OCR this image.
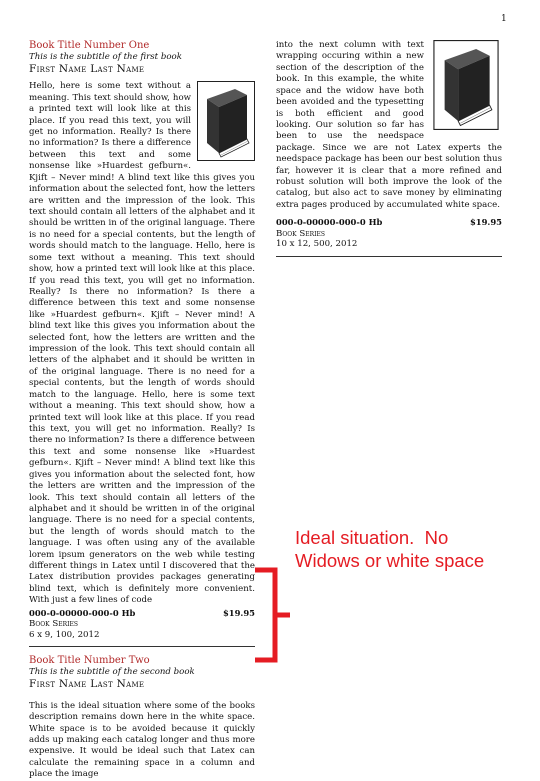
1

Book Title Number One

This is the subtitle of the first book

First Name Last Name

Hello, here is some text without a meaning. This text should show, how a printed text will look like at this place. If you read this text, you will get no information. Really? Is there no information? Is there a difference between this text and some nonsense like »Huardest gefburn«. Kjift – Never mind! A blind text like this gives you information about the selected font, how the letters are written and the impression of the look. This text should contain all letters of the alphabet and it should be written in of the original language. There is no need for a special contents, but the length of words should match to the language. Hello, here is some text without a meaning. This text should show, how a printed text will look like at this place. If you read this text, you will get no information. Really? Is there no information? Is there a difference between this text and some nonsense like »Huardest gefburn«. Kjift – Never mind! A blind text like this gives you information about the selected font, how the letters are written and the impression of the look. This text should contain all letters of the alphabet and it should be written in of the original language. There is no need for a special contents, but the length of words should match to the language. Hello, here is some text without a meaning. This text should show, how a printed text will look like at this place. If you read this text, you will get no information. Really? Is there no information? Is there a difference between this text and some nonsense like »Huardest gefburn«. Kjift – Never mind! A blind text like this gives you information about the selected font, how the letters are written and the impression of the look. This text should contain all letters of the alphabet and it should be written in of the original language. There is no need for a special contents, but the length of words should match to the language. I was often using any of the available lorem ipsum generators on the web while testing different things in Latex until I discovered that the Latex distribution provides packages generating blind text, which is definitely more convenient. With just a few lines of code

000-0-00000-000-0 Hb	$19.95

Book Series

6 x 9, 100, 2012

Book Title Number Two

This is the subtitle of the second book

First Name Last Name

This is the ideal situation where some of the books description remains down here in the white space. White space is to be avoided because it quickly adds up making each catalog longer and thus more expensive. It would be ideal such that Latex can calculate the remaining space in a column and place the image

into the next column with text wrapping occuring within a new section of the description of the book. In this example, the white space and the widow have both been avoided and the typesetting is both efficient and good looking. Our solution so far has been to use the needspace package. Since we are not Latex experts the needspace package has been our best solution thus far, however it is clear that a more refined and robust solution will both improve the look of the catalog, but also act to save money by eliminating extra pages produced by accumulated white space.

000-0-00000-000-0 Hb	$19.95

Book Series

10 x 12, 500, 2012

Ideal situation.  No
Widows or white space
